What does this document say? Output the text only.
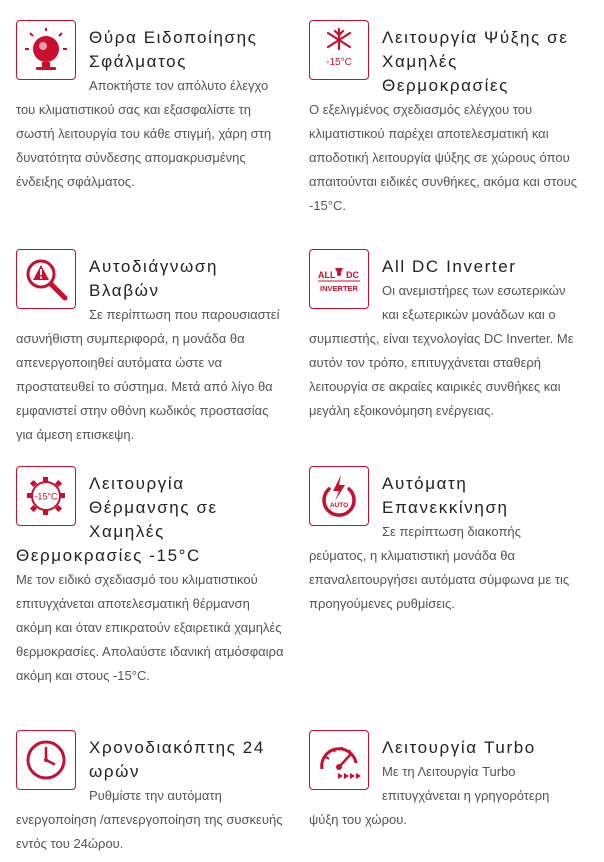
Θύρα Ειδοποίησης Σφάλματος
Αποκτήστε τον απόλυτο έλεγχο του κλιματιστικού σας και εξασφαλίστε τη σωστή λειτουργία του κάθε στιγμή, χάρη στη δυνατότητα σύνδεσης απομακρυσμένης ένδειξης σφάλματος.
-15°C
Λειτουργία Ψύξης σε Χαμηλές Θερμοκρασίες
Ο εξελιγμένος σχεδιασμός ελέγχου του κλιματιστικού παρέχει αποτελεσματική και αποδοτική λειτουργία ψύξης σε χώρους όπου απαιτούνται ειδικές συνθήκες, ακόμα και στους -15°C.
Αυτοδιάγνωση Βλαβών
Σε περίπτωση που παρουσιαστεί ασυνήθιστη συμπεριφορά, η μονάδα θα απενεργοποιηθεί αυτόματα ώστε να προστατευθεί το σύστημα. Μετά από λίγο θα εμφανιστεί στην οθόνη κωδικός προστασίας για άμεση επισκεψη.
ALL DC
INVERTER
All DC Inverter
Οι ανεμιστήρες των εσωτερικών και εξωτερικών μονάδων και ο συμπιεστής, είναι τεχνολογίας DC Inverter. Με αυτόν τον τρόπο, επιτυγχάνεται σταθερή λειτουργία σε ακραίες καιρικές συνθήκες και μεγάλη εξοικονόμηση ενέργειας.
-15°C
Λειτουργία Θέρμανσης σε Χαμηλές Θερμοκρασίες -15°C
Με τον ειδικό σχεδιασμό του κλιματιστικού επιτυγχάνεται αποτελεσματική θέρμανση ακόμη και όταν επικρατούν εξαιρετικά χαμηλές θερμοκρασίες. Απολαύστε ιδανική ατμόσφαιρα ακόμη και στους -15°C.
AUTO
Αυτόματη Επανεκκίνηση
Σε περίπτωση διακοπής ρεύματος, η κλιματιστική μονάδα θα επαναλειτουργήσει αυτόματα σύμφωνα με τις προηγούμενες ρυθμίσεις.
Χρονοδιακόπτης 24 ωρών
Ρυθμίστε την αυτόματη ενεργοποίηση /απενεργοποίηση της συσκευής εντός του 24ώρου.
Λειτουργία Turbo
Με τη Λειτουργία Turbo επιτυγχάνεται η γρηγορότερη ψύξη του χώρου.
